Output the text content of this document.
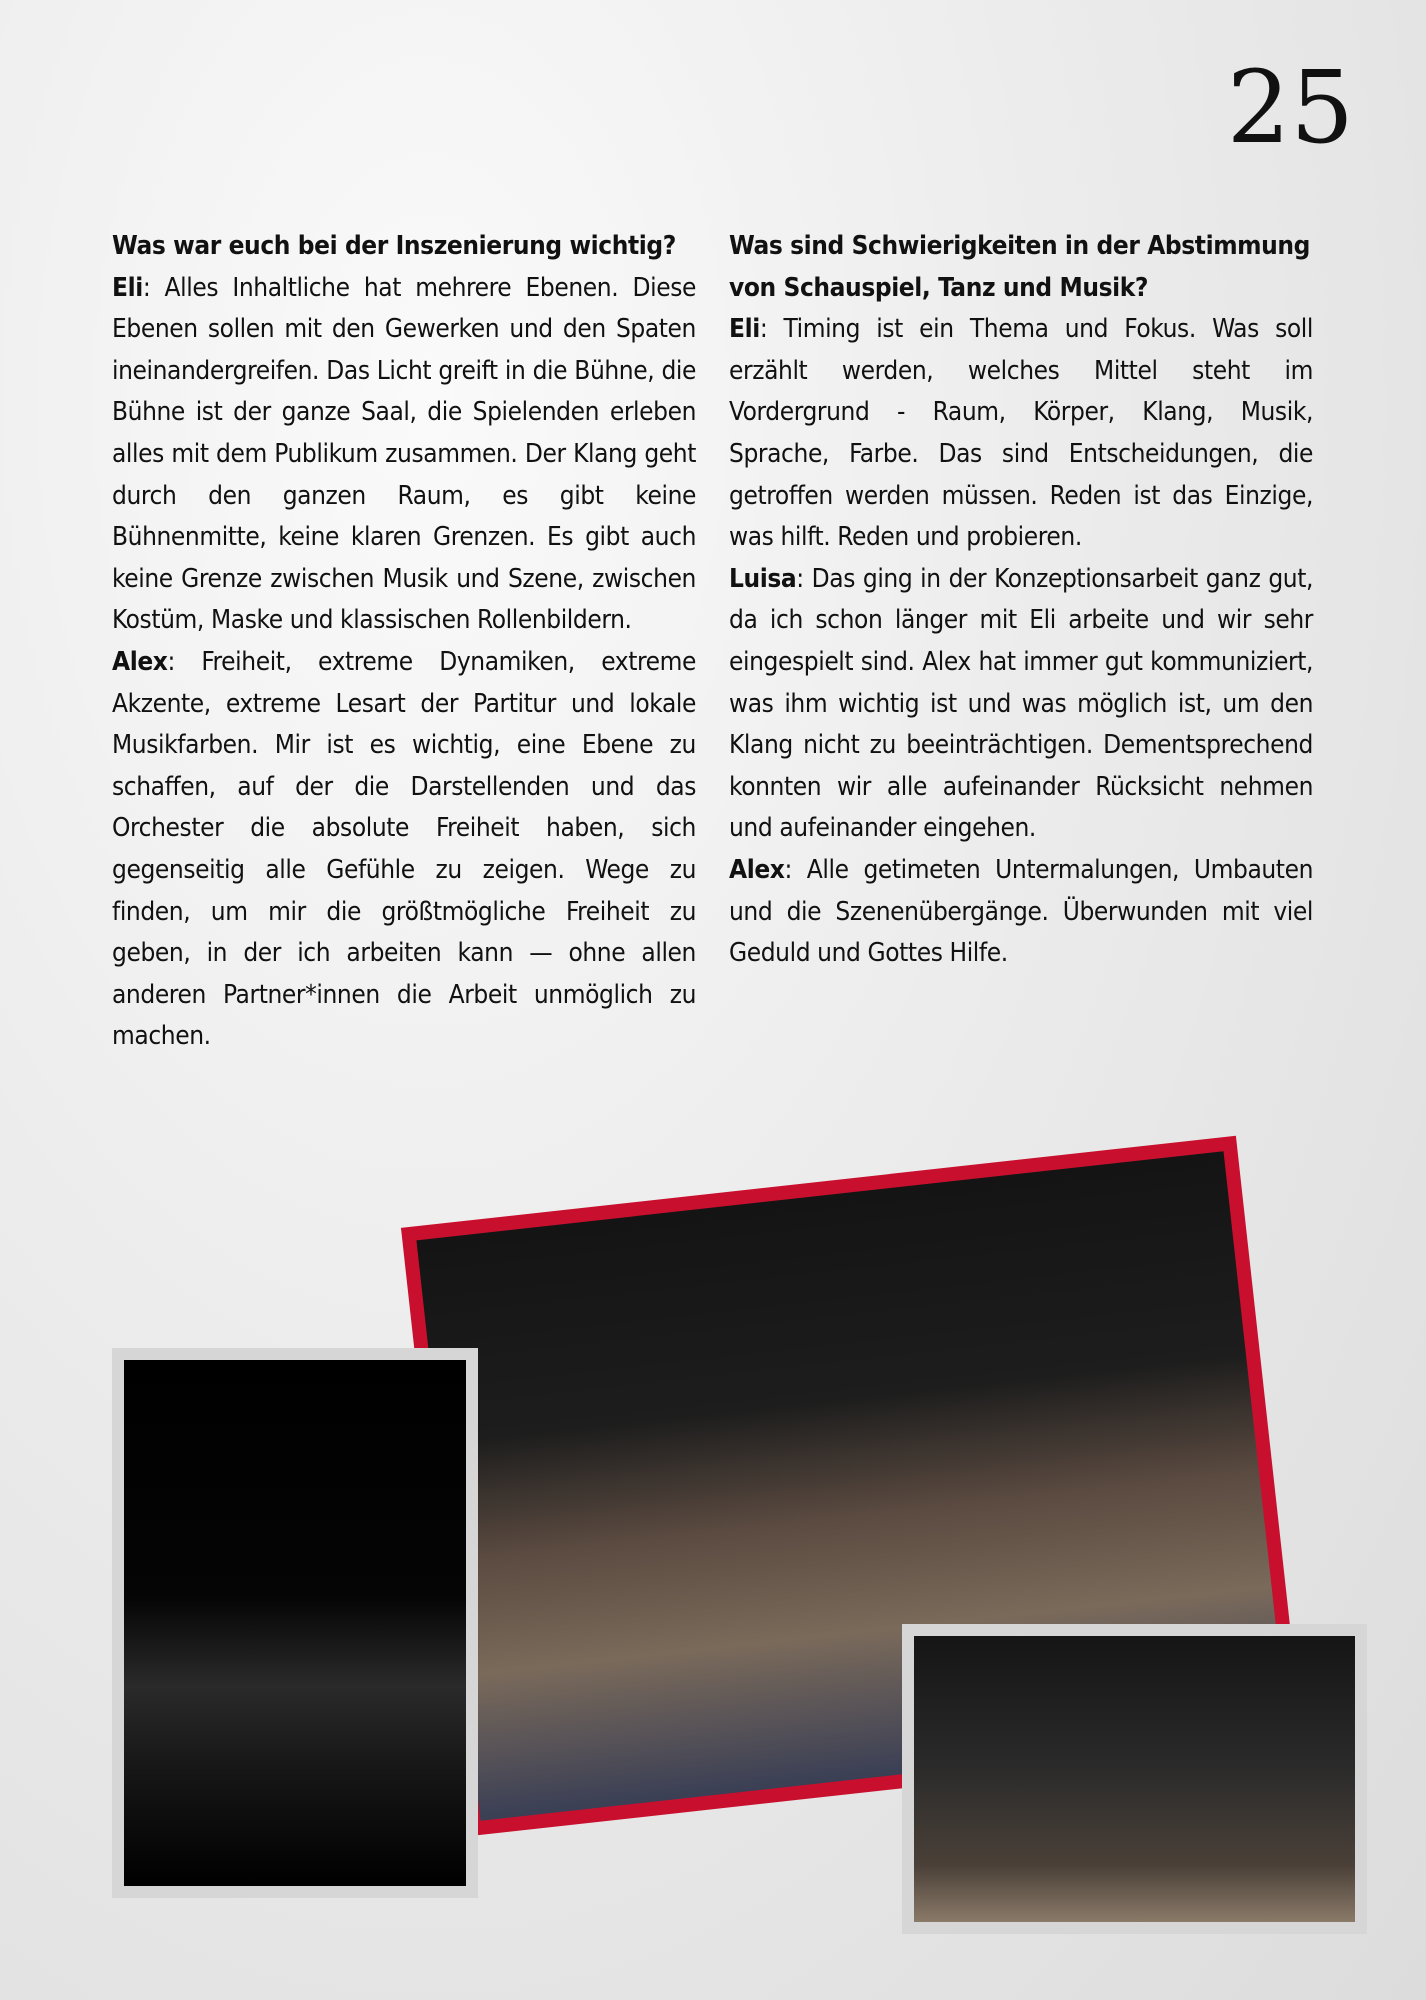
25
Was war euch bei der Inszenierung wichtig?

Eli: Alles Inhaltliche hat mehrere Ebenen. Diese Ebenen sollen mit den Gewerken und den Spaten ineinandergreifen. Das Licht greift in die Bühne, die Bühne ist der ganze Saal, die Spielenden erleben alles mit dem Publikum zusammen. Der Klang geht durch den ganzen Raum, es gibt keine Bühnenmitte, keine klaren Grenzen. Es gibt auch keine Grenze zwischen Musik und Szene, zwischen Kostüm, Maske und klassischen Rollenbildern.

Alex: Freiheit, extreme Dynamiken, extreme Akzente, extreme Lesart der Partitur und lokale Musikfarben. Mir ist es wichtig, eine Ebene zu schaffen, auf der die Darstellenden und das Orchester die absolute Freiheit haben, sich gegenseitig alle Gefühle zu zeigen. Wege zu finden, um mir die größtmögliche Freiheit zu geben, in der ich arbeiten kann — ohne allen anderen Partner*innen die Arbeit unmöglich zu machen.

Was sind Schwierigkeiten in der Abstimmung von Schauspiel, Tanz und Musik?

Eli: Timing ist ein Thema und Fokus. Was soll erzählt werden, welches Mittel steht im Vordergrund - Raum, Körper, Klang, Musik, Sprache, Farbe. Das sind Entscheidungen, die getroffen werden müssen. Reden ist das Einzige, was hilft. Reden und probieren.

Luisa: Das ging in der Konzeptionsarbeit ganz gut, da ich schon länger mit Eli arbeite und wir sehr eingespielt sind. Alex hat immer gut kommuniziert, was ihm wichtig ist und was möglich ist, um den Klang nicht zu beeinträchtigen. Dementsprechend konnten wir alle aufeinander Rücksicht nehmen und aufeinander eingehen.

Alex: Alle getimeten Untermalungen, Umbauten und die Szenenübergänge. Überwunden mit viel Geduld und Gottes Hilfe.
